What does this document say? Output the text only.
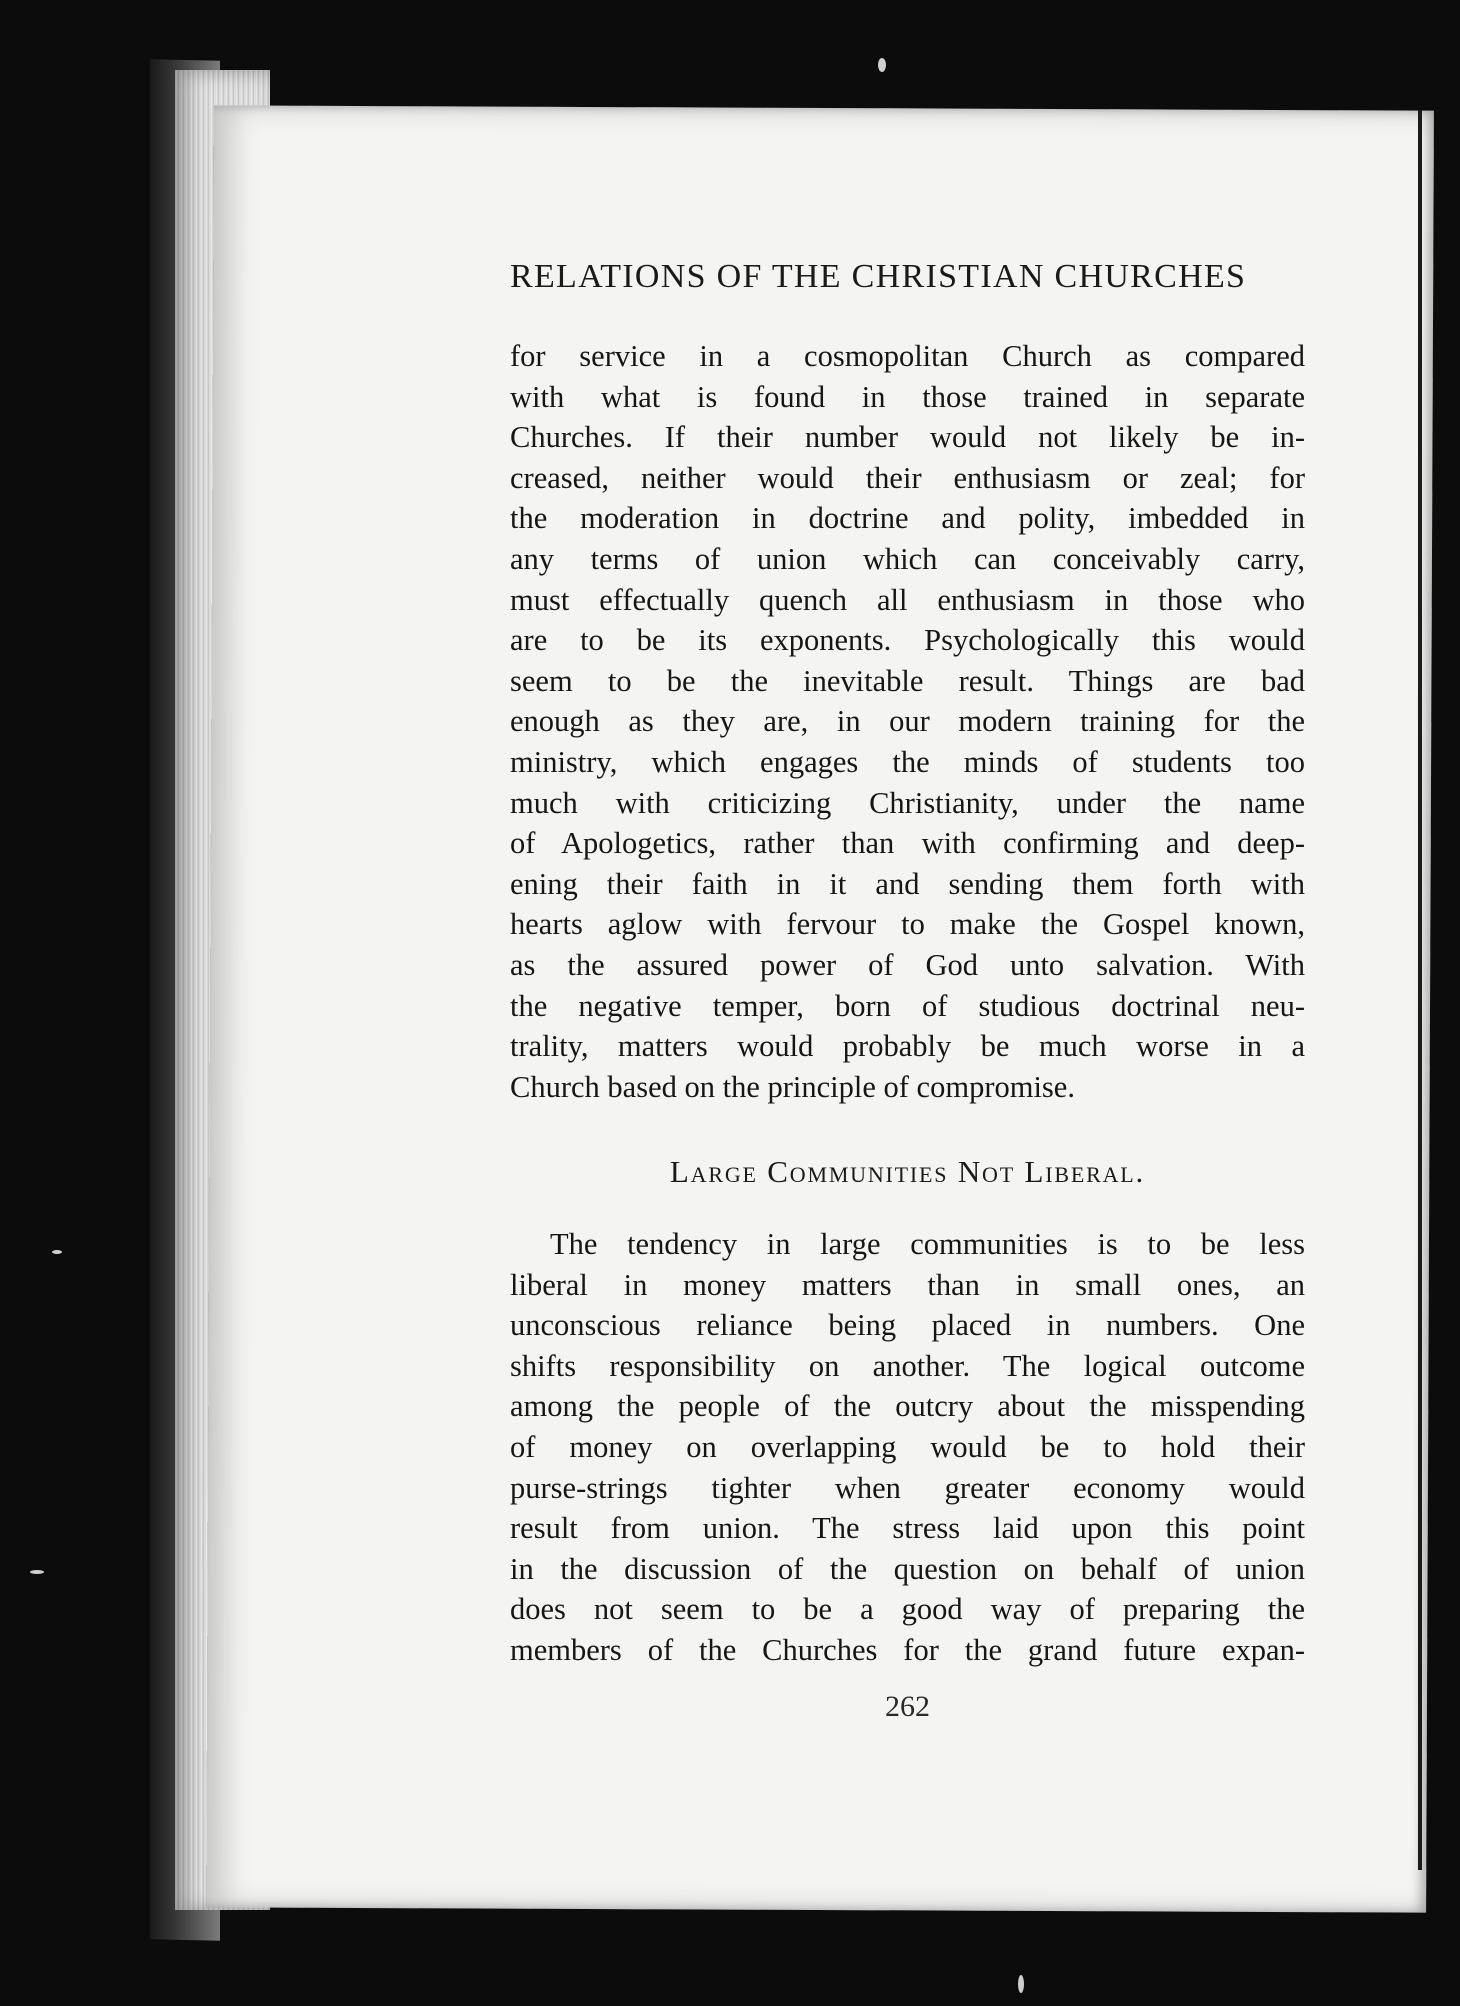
RELATIONS OF THE CHRISTIAN CHURCHES

for service in a cosmopolitan Church as compared
with what is found in those trained in separate
Churches. If their number would not likely be in-
creased, neither would their enthusiasm or zeal; for
the moderation in doctrine and polity, imbedded in
any terms of union which can conceivably carry,
must effectually quench all enthusiasm in those who
are to be its exponents. Psychologically this would
seem to be the inevitable result. Things are bad
enough as they are, in our modern training for the
ministry, which engages the minds of students too
much with criticizing Christianity, under the name
of Apologetics, rather than with confirming and deep-
ening their faith in it and sending them forth with
hearts aglow with fervour to make the Gospel known,
as the assured power of God unto salvation. With
the negative temper, born of studious doctrinal neu-
trality, matters would probably be much worse in a
Church based on the principle of compromise.

Large Communities Not Liberal.

The tendency in large communities is to be less
liberal in money matters than in small ones, an
unconscious reliance being placed in numbers. One
shifts responsibility on another. The logical outcome
among the people of the outcry about the misspending
of money on overlapping would be to hold their
purse-strings tighter when greater economy would
result from union. The stress laid upon this point
in the discussion of the question on behalf of union
does not seem to be a good way of preparing the
members of the Churches for the grand future expan-

262
